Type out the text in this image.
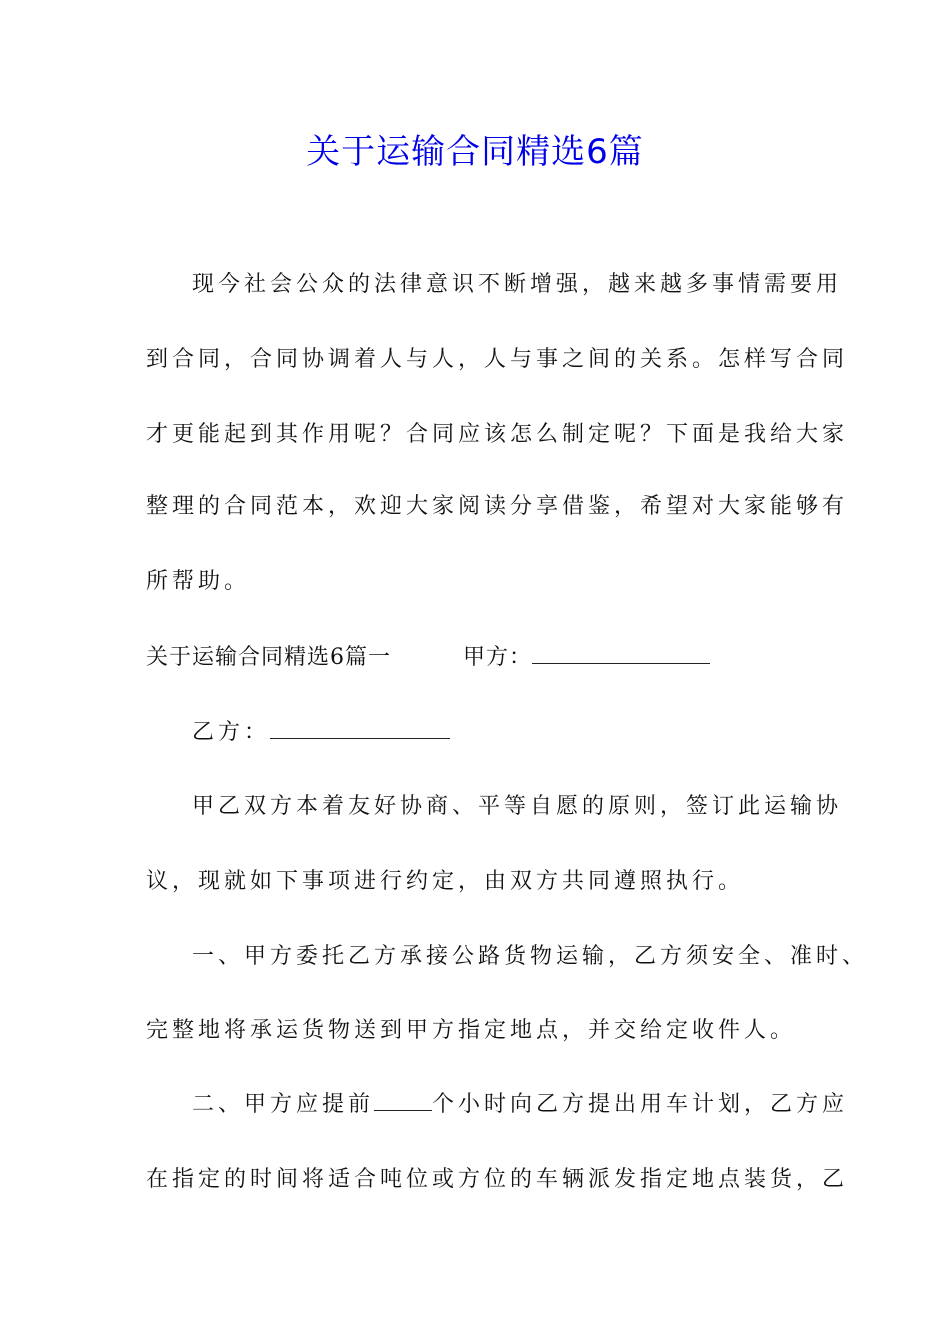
关于运输合同精选6篇
现今社会公众的法律意识不断增强，越来越多事情需要用
到合同，合同协调着人与人，人与事之间的关系。怎样写合同
才更能起到其作用呢？合同应该怎么制定呢？下面是我给大家
整理的合同范本，欢迎大家阅读分享借鉴，希望对大家能够有
所帮助。
关于运输合同精选6篇一	甲方：
乙方：
甲乙双方本着友好协商、平等自愿的原则，签订此运输协
议，现就如下事项进行约定，由双方共同遵照执行。
一、甲方委托乙方承接公路货物运输，乙方须安全、准时、
完整地将承运货物送到甲方指定地点，并交给定收件人。
二、甲方应提前	个小时向乙方提出用车计划，乙方应
在指定的时间将适合吨位或方位的车辆派发指定地点装货，乙
